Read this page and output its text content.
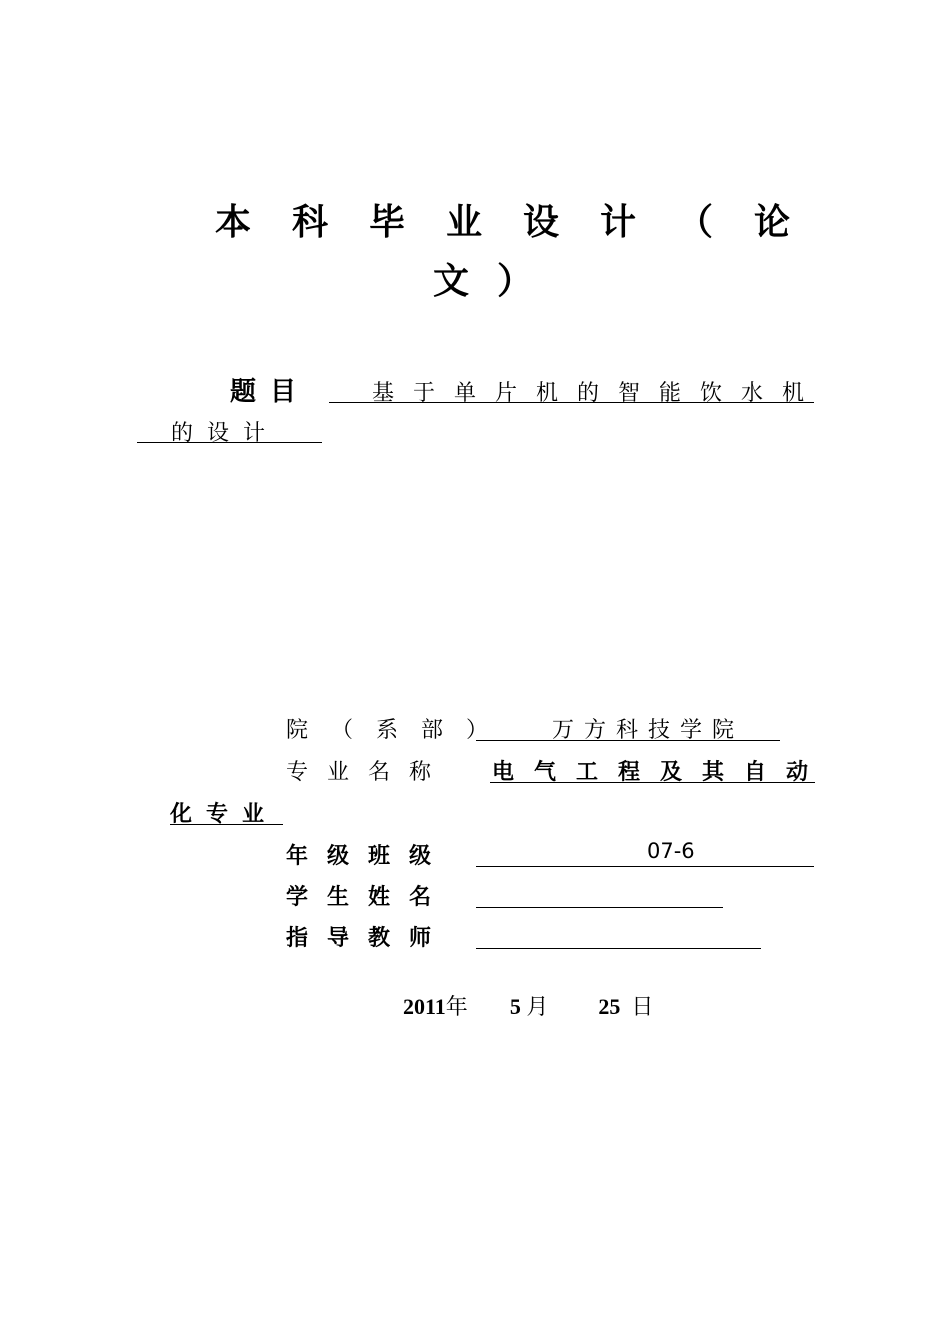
本科毕业设计（论
文）
题目	基于单片机的智能饮水机
的设计
院（系部） 万方科技学院
专业名称 电气工程及其自动
化专业
年级班级	07-6
学生姓名
指导教师
2011年 5 月 25 日
